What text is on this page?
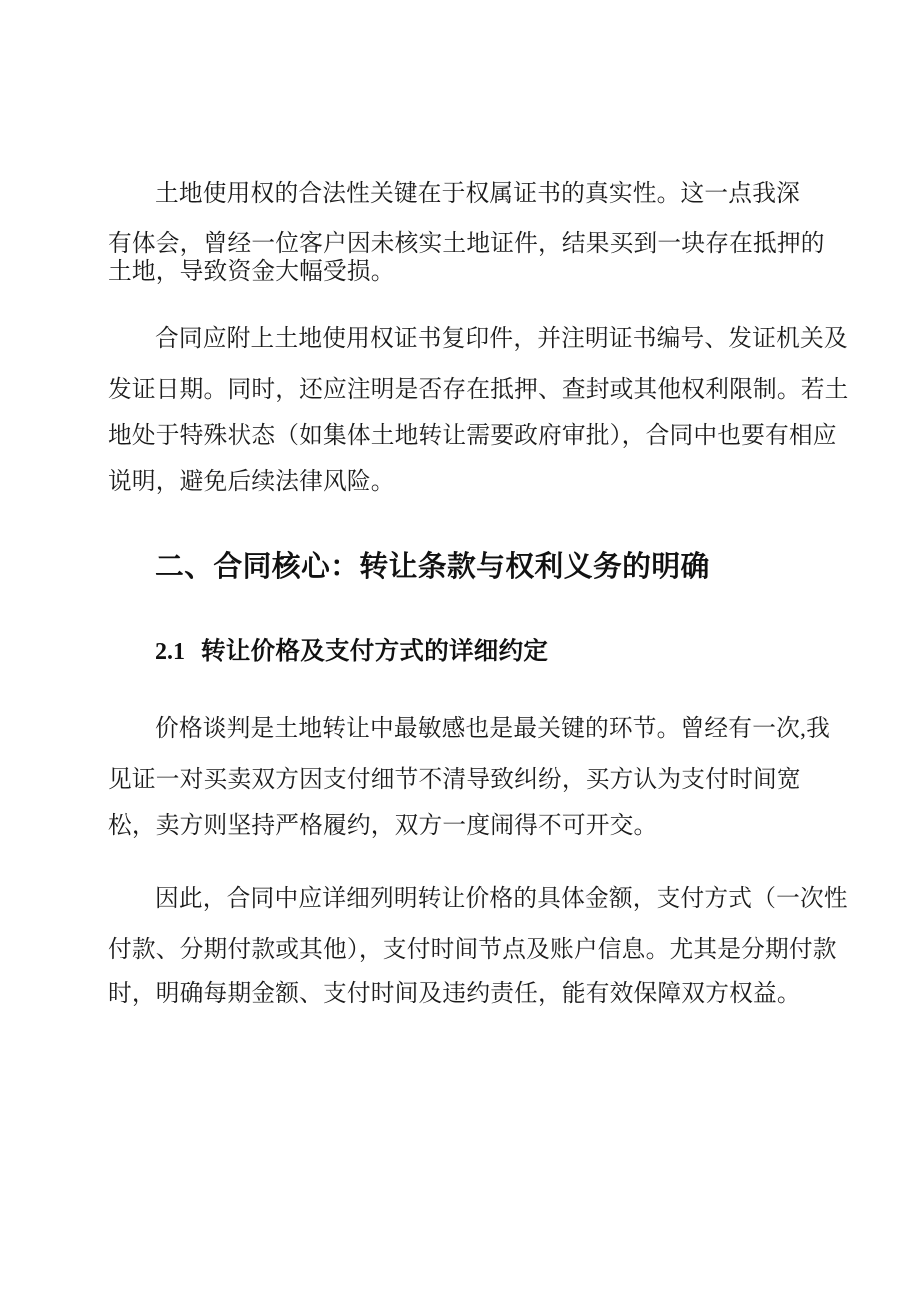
土地使用权的合法性关键在于权属证书的真实性。这一点我深
有体会，曾经一位客户因未核实土地证件，结果买到一块存在抵押的
土地，导致资金大幅受损。
合同应附上土地使用权证书复印件，并注明证书编号、发证机关及
发证日期。同时，还应注明是否存在抵押、查封或其他权利限制。若土
地处于特殊状态（如集体土地转让需要政府审批），合同中也要有相应
说明，避免后续法律风险。
二、合同核心：转让条款与权利义务的明确
2.1 转让价格及支付方式的详细约定
价格谈判是土地转让中最敏感也是最关键的环节。曾经有一次,我
见证一对买卖双方因支付细节不清导致纠纷，买方认为支付时间宽
松，卖方则坚持严格履约，双方一度闹得不可开交。
因此，合同中应详细列明转让价格的具体金额，支付方式（一次性
付款、分期付款或其他），支付时间节点及账户信息。尤其是分期付款
时，明确每期金额、支付时间及违约责任，能有效保障双方权益。
